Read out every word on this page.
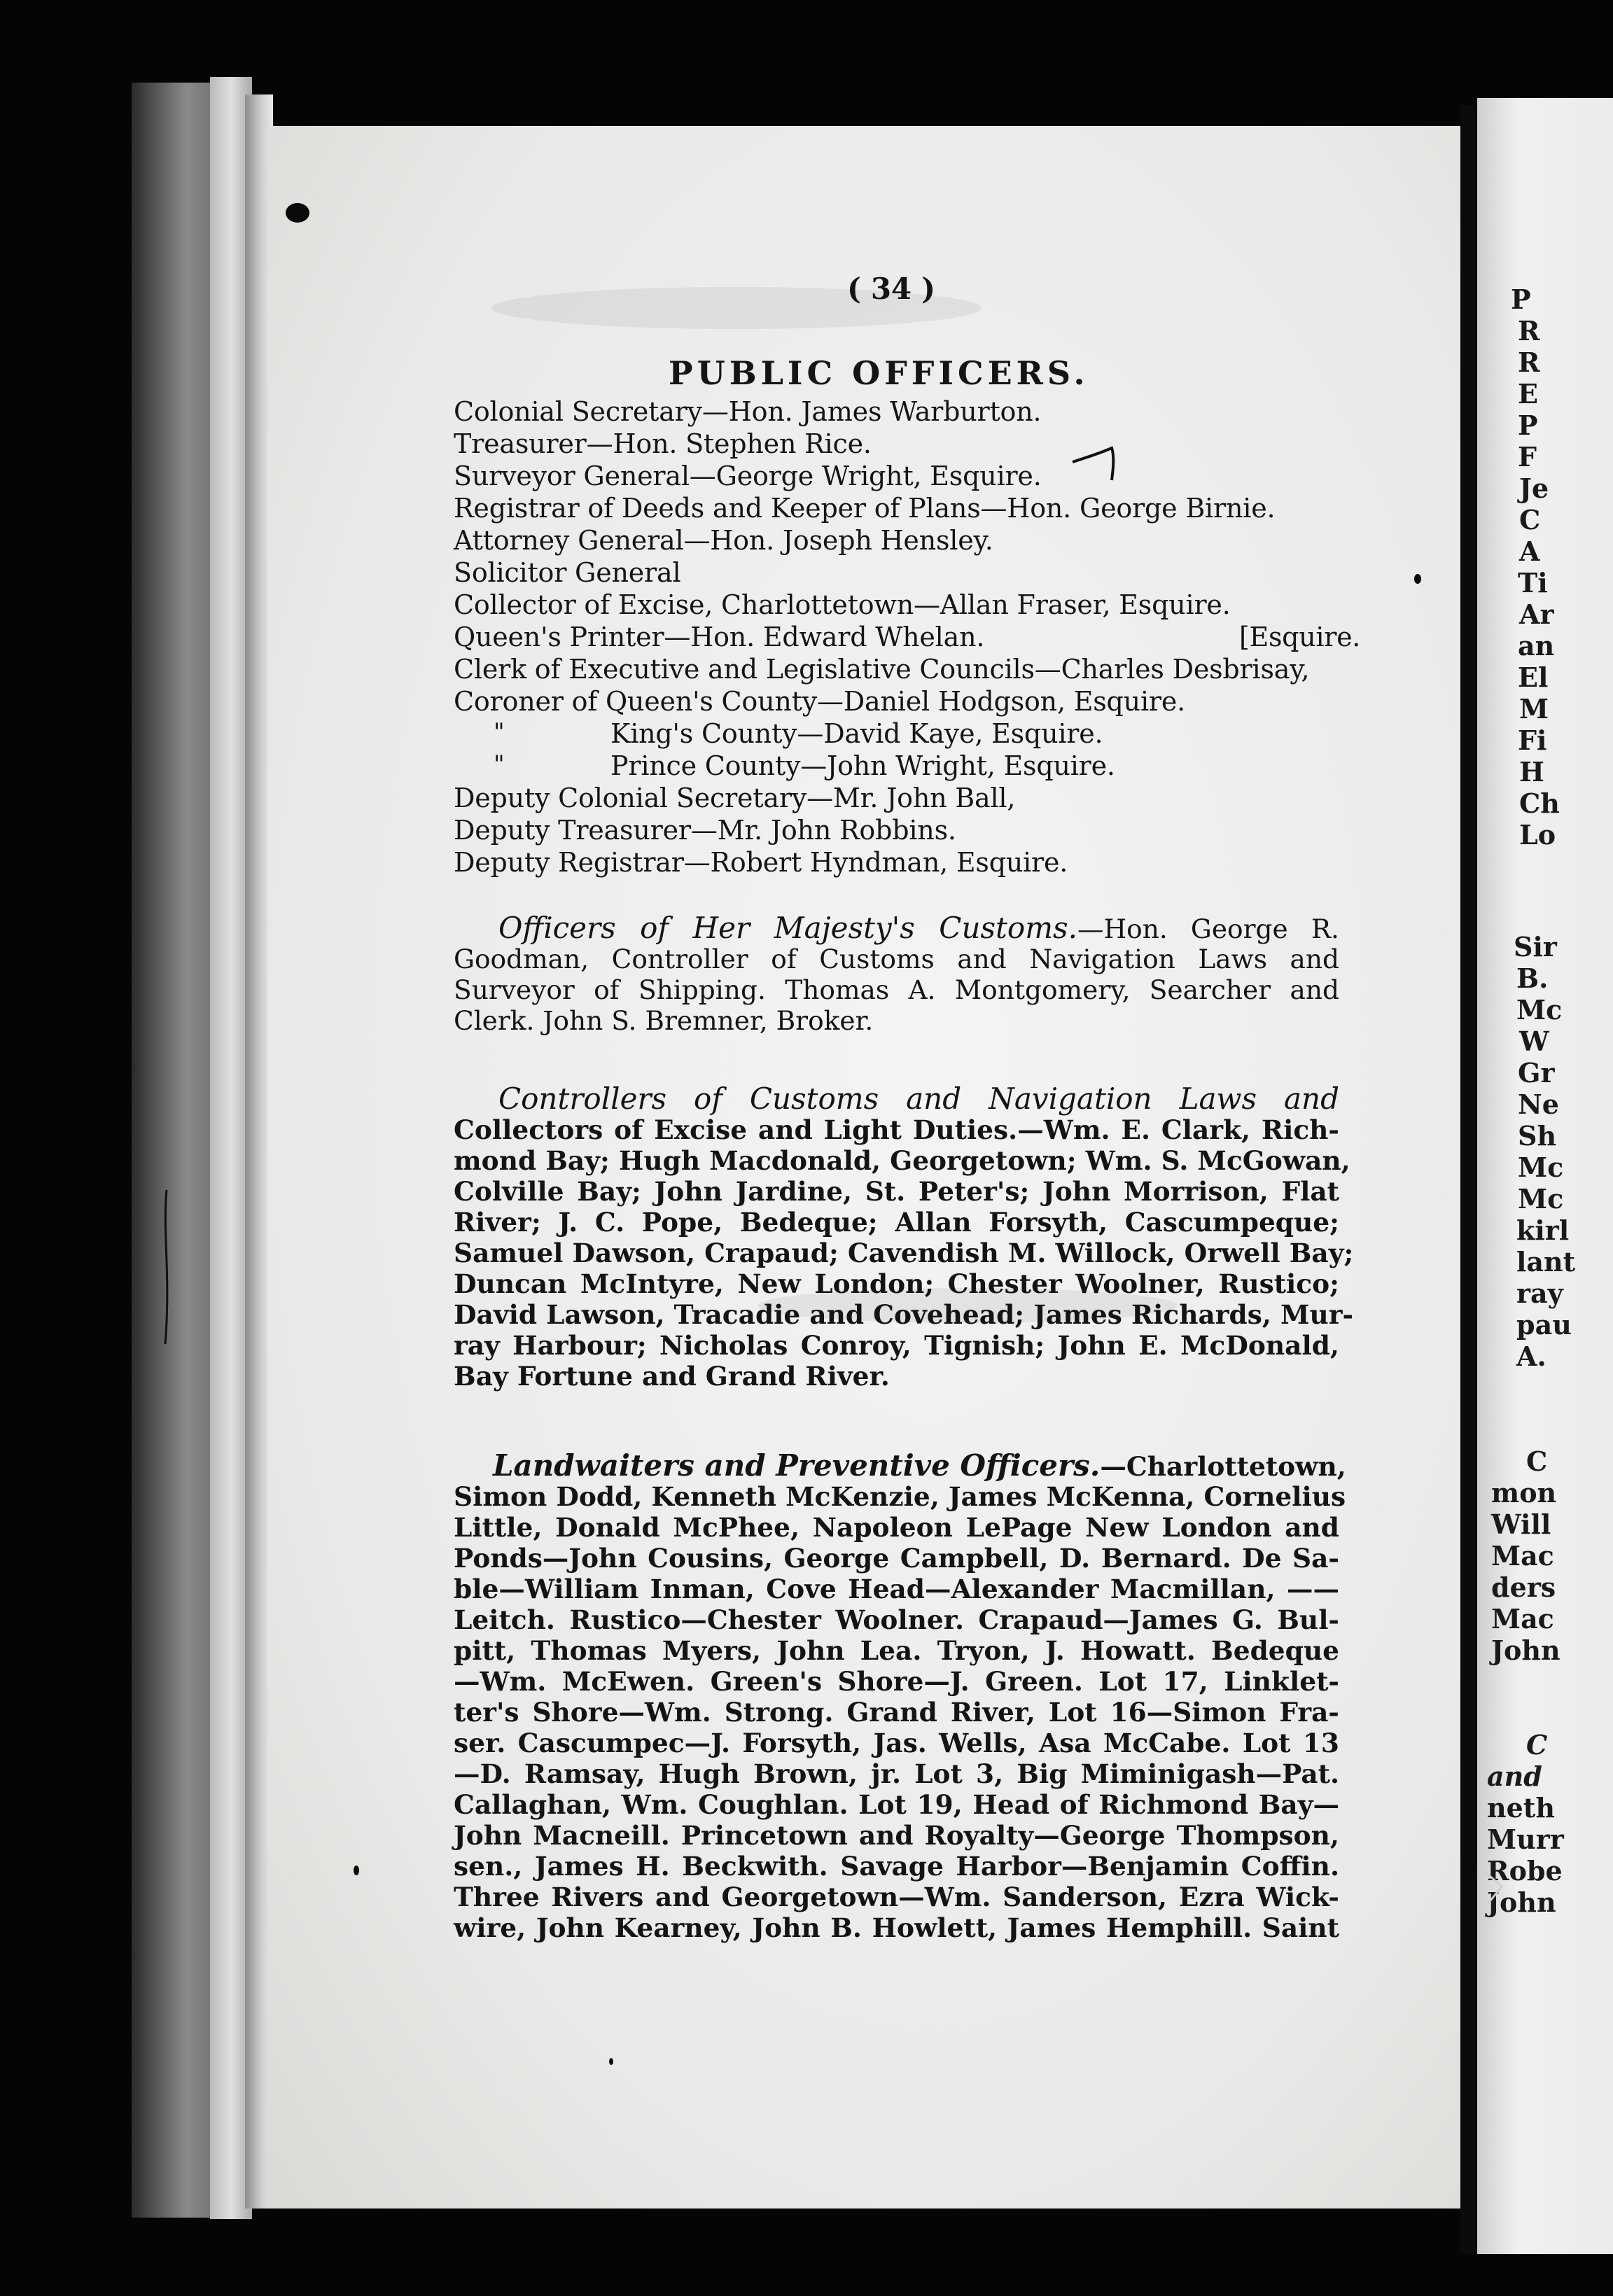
P
R
R
E
P
F
Je
C
A
Ti
Ar
an
El
M
Fi
H
Ch
Lo
Sir
B.
Mc
W
Gr
Ne
Sh
Mc
Mc
kirl
lant
ray
pau
A.
C
mon
Will
Mac
ders
Mac
John
C
and
neth
Murr
Robe
John
( 34 )
PUBLIC OFFICERS.
Colonial Secretary—Hon. James Warburton.
Treasurer—Hon. Stephen Rice.
Surveyor General—George Wright, Esquire.
Registrar of Deeds and Keeper of Plans—Hon. George Birnie.
Attorney General—Hon. Joseph Hensley.
Solicitor General
Collector of Excise, Charlottetown—Allan Fraser, Esquire.
Queen's Printer—Hon. Edward Whelan.	[Esquire.
Clerk of Executive and Legislative Councils—Charles Desbrisay,
Coroner of Queen's County—Daniel Hodgson, Esquire.
"	King's County—David Kaye, Esquire.
"	Prince County—John Wright, Esquire.
Deputy Colonial Secretary—Mr. John Ball,
Deputy Treasurer—Mr. John Robbins.
Deputy Registrar—Robert Hyndman, Esquire.
Officers of Her Majesty's Customs.—Hon. George R.
Goodman, Controller of Customs and Navigation Laws and
Surveyor of Shipping. Thomas A. Montgomery, Searcher and
Clerk. John S. Bremner, Broker.
Controllers of Customs and Navigation Laws and
Collectors of Excise and Light Duties.—Wm. E. Clark, Rich-
mond Bay; Hugh Macdonald, Georgetown; Wm. S. McGowan,
Colville Bay; John Jardine, St. Peter's; John Morrison, Flat
River; J. C. Pope, Bedeque; Allan Forsyth, Cascumpeque;
Samuel Dawson, Crapaud; Cavendish M. Willock, Orwell Bay;
Duncan McIntyre, New London; Chester Woolner, Rustico;
David Lawson, Tracadie and Covehead; James Richards, Mur-
ray Harbour; Nicholas Conroy, Tignish; John E. McDonald,
Bay Fortune and Grand River.
Landwaiters and Preventive Officers.—Charlottetown,
Simon Dodd, Kenneth McKenzie, James McKenna, Cornelius
Little, Donald McPhee, Napoleon LePage New London and
Ponds—John Cousins, George Campbell, D. Bernard. De Sa-
ble—William Inman, Cove Head—Alexander Macmillan, ——
Leitch. Rustico—Chester Woolner. Crapaud—James G. Bul-
pitt, Thomas Myers, John Lea. Tryon, J. Howatt. Bedeque
—Wm. McEwen. Green's Shore—J. Green. Lot 17, Linklet-
ter's Shore—Wm. Strong. Grand River, Lot 16—Simon Fra-
ser. Cascumpec—J. Forsyth, Jas. Wells, Asa McCabe. Lot 13
—D. Ramsay, Hugh Brown, jr. Lot 3, Big Miminigash—Pat.
Callaghan, Wm. Coughlan. Lot 19, Head of Richmond Bay—
John Macneill. Princetown and Royalty—George Thompson,
sen., James H. Beckwith. Savage Harbor—Benjamin Coffin.
Three Rivers and Georgetown—Wm. Sanderson, Ezra Wick-
wire, John Kearney, John B. Howlett, James Hemphill. Saint
